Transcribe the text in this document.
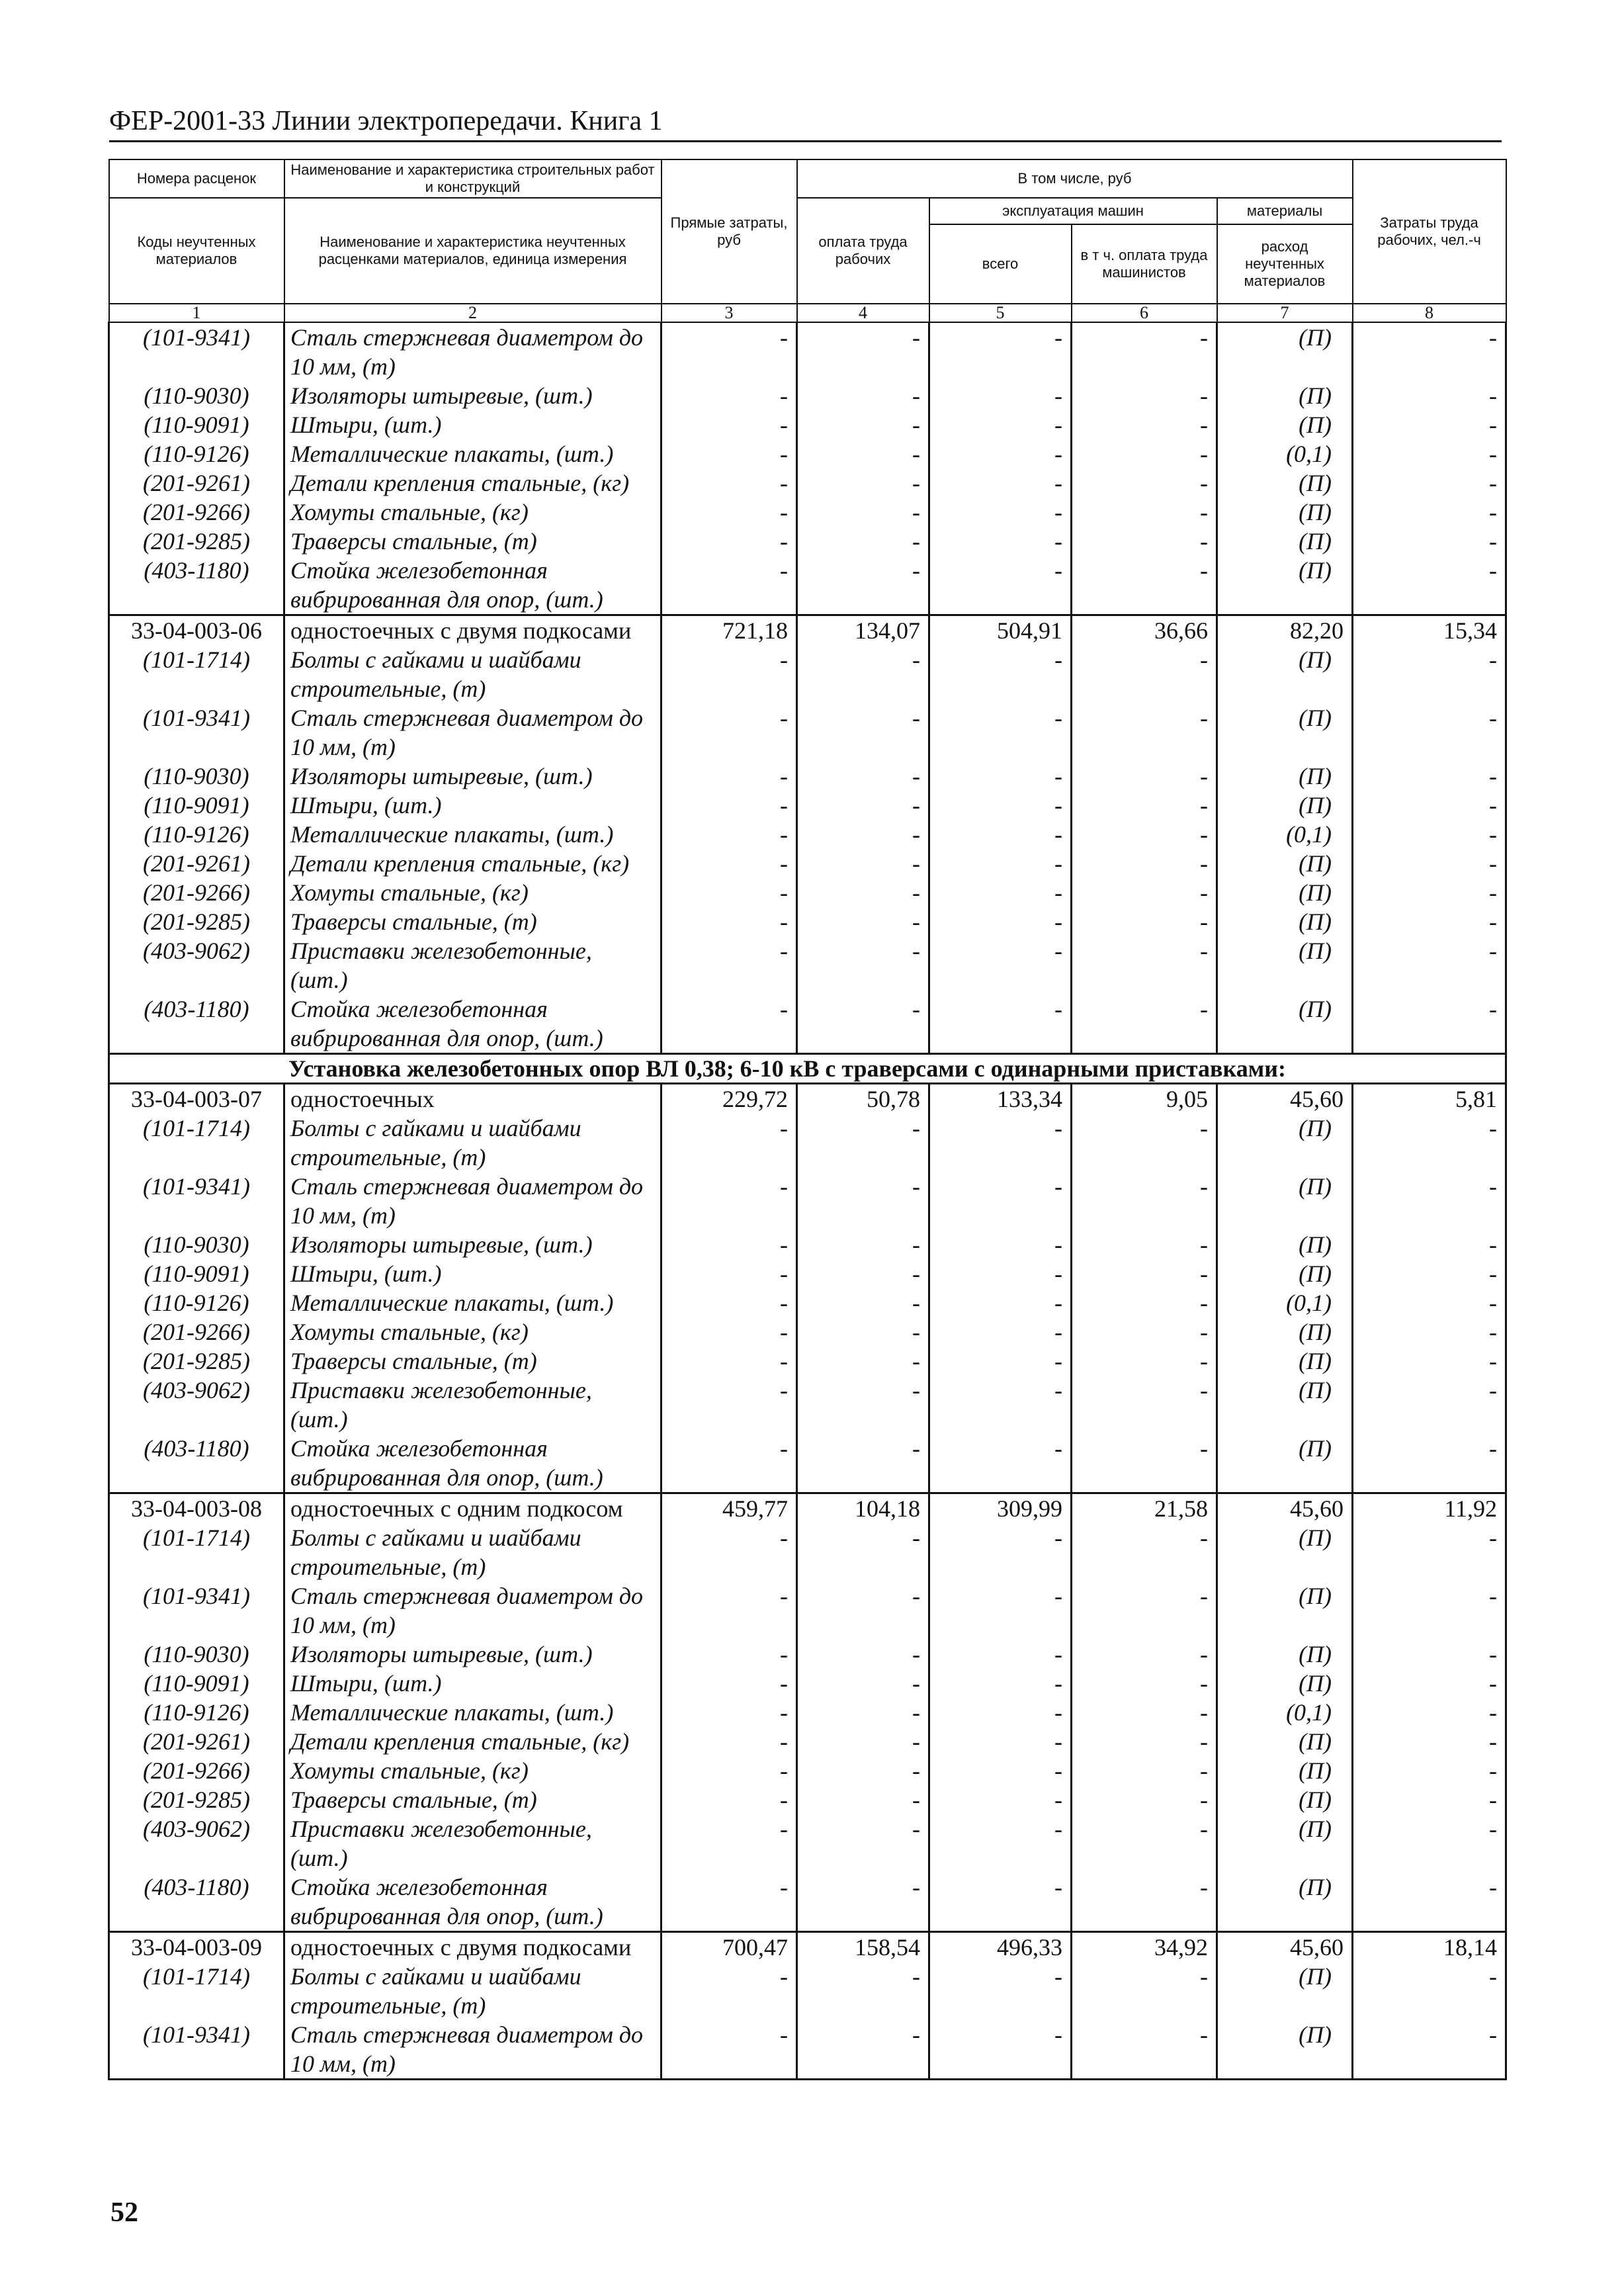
ФЕР-2001-33 Линии электропередачи. Книга 1
Номера расценок	Наименование и характеристика строительных работ и конструкций	Прямые затраты, руб	В том числе, руб				Затраты труда рабочих, чел.-ч
Коды неучтенных материалов	Наименование и характеристика неучтенных расценками материалов, единица измерения		оплата труда рабочих	эксплуатация машин		материалы	
				всего	в т ч. оплата труда машинистов	расход неучтенных материалов	
1	2	3	4	5	6	7	8
(101-9341)	Сталь стержневая диаметром до 10 мм, (т)	-	-	-	-	(П)	-
(110-9030)	Изоляторы штыревые, (шт.)	-	-	-	-	(П)	-
(110-9091)	Штыри, (шт.)	-	-	-	-	(П)	-
(110-9126)	Металлические плакаты, (шт.)	-	-	-	-	(0,1)	-
(201-9261)	Детали крепления стальные, (кг)	-	-	-	-	(П)	-
(201-9266)	Хомуты стальные, (кг)	-	-	-	-	(П)	-
(201-9285)	Траверсы стальные, (т)	-	-	-	-	(П)	-
(403-1180)	Стойка железобетонная вибрированная для опор, (шт.)	-	-	-	-	(П)	-
33-04-003-06	одностоечных с двумя подкосами	721,18	134,07	504,91	36,66	82,20	15,34
(101-1714)	Болты с гайками и шайбами строительные, (т)	-	-	-	-	(П)	-
(101-9341)	Сталь стержневая диаметром до 10 мм, (т)	-	-	-	-	(П)	-
(110-9030)	Изоляторы штыревые, (шт.)	-	-	-	-	(П)	-
(110-9091)	Штыри, (шт.)	-	-	-	-	(П)	-
(110-9126)	Металлические плакаты, (шт.)	-	-	-	-	(0,1)	-
(201-9261)	Детали крепления стальные, (кг)	-	-	-	-	(П)	-
(201-9266)	Хомуты стальные, (кг)	-	-	-	-	(П)	-
(201-9285)	Траверсы стальные, (т)	-	-	-	-	(П)	-
(403-9062)	Приставки железобетонные, (шт.)	-	-	-	-	(П)	-
(403-1180)	Стойка железобетонная вибрированная для опор, (шт.)	-	-	-	-	(П)	-
Установка железобетонных опор ВЛ 0,38; 6-10 кВ с траверсами с одинарными приставками:							
33-04-003-07	одностоечных	229,72	50,78	133,34	9,05	45,60	5,81
(101-1714)	Болты с гайками и шайбами строительные, (т)	-	-	-	-	(П)	-
(101-9341)	Сталь стержневая диаметром до 10 мм, (т)	-	-	-	-	(П)	-
(110-9030)	Изоляторы штыревые, (шт.)	-	-	-	-	(П)	-
(110-9091)	Штыри, (шт.)	-	-	-	-	(П)	-
(110-9126)	Металлические плакаты, (шт.)	-	-	-	-	(0,1)	-
(201-9266)	Хомуты стальные, (кг)	-	-	-	-	(П)	-
(201-9285)	Траверсы стальные, (т)	-	-	-	-	(П)	-
(403-9062)	Приставки железобетонные, (шт.)	-	-	-	-	(П)	-
(403-1180)	Стойка железобетонная вибрированная для опор, (шт.)	-	-	-	-	(П)	-
33-04-003-08	одностоечных с одним подкосом	459,77	104,18	309,99	21,58	45,60	11,92
(101-1714)	Болты с гайками и шайбами строительные, (т)	-	-	-	-	(П)	-
(101-9341)	Сталь стержневая диаметром до 10 мм, (т)	-	-	-	-	(П)	-
(110-9030)	Изоляторы штыревые, (шт.)	-	-	-	-	(П)	-
(110-9091)	Штыри, (шт.)	-	-	-	-	(П)	-
(110-9126)	Металлические плакаты, (шт.)	-	-	-	-	(0,1)	-
(201-9261)	Детали крепления стальные, (кг)	-	-	-	-	(П)	-
(201-9266)	Хомуты стальные, (кг)	-	-	-	-	(П)	-
(201-9285)	Траверсы стальные, (т)	-	-	-	-	(П)	-
(403-9062)	Приставки железобетонные, (шт.)	-	-	-	-	(П)	-
(403-1180)	Стойка железобетонная вибрированная для опор, (шт.)	-	-	-	-	(П)	-
33-04-003-09	одностоечных с двумя подкосами	700,47	158,54	496,33	34,92	45,60	18,14
(101-1714)	Болты с гайками и шайбами строительные, (т)	-	-	-	-	(П)	-
(101-9341)	Сталь стержневая диаметром до 10 мм, (т)	-	-	-	-	(П)	-
52
